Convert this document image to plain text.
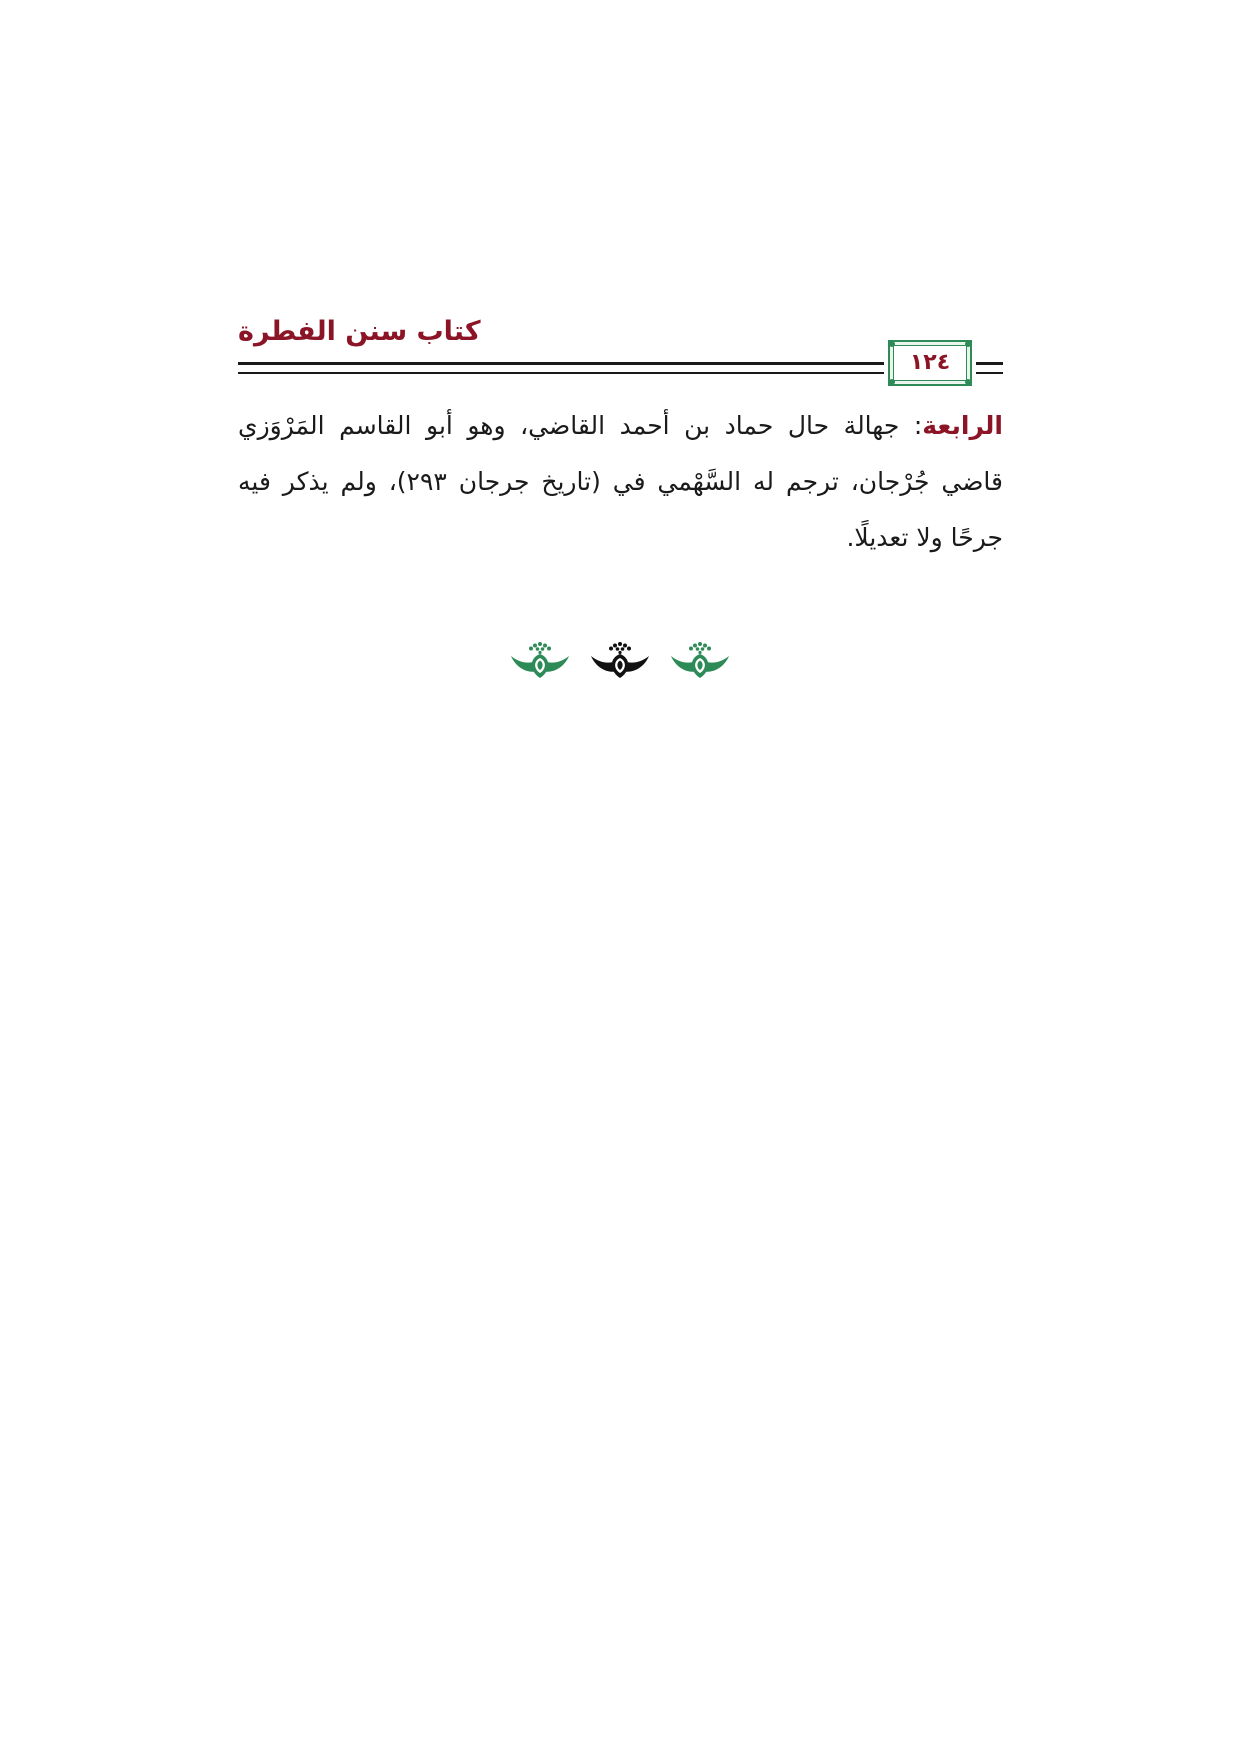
كتاب سنن الفطرة
١٢٤
الرابعة: جهالة حال حماد بن أحمد القاضي، وهو أبو القاسم المَرْوَزي
قاضي جُرْجان، ترجم له السَّهْمي في (تاريخ جرجان ٢٩٣)، ولم يذكر فيه
جرحًا ولا تعديلًا.
